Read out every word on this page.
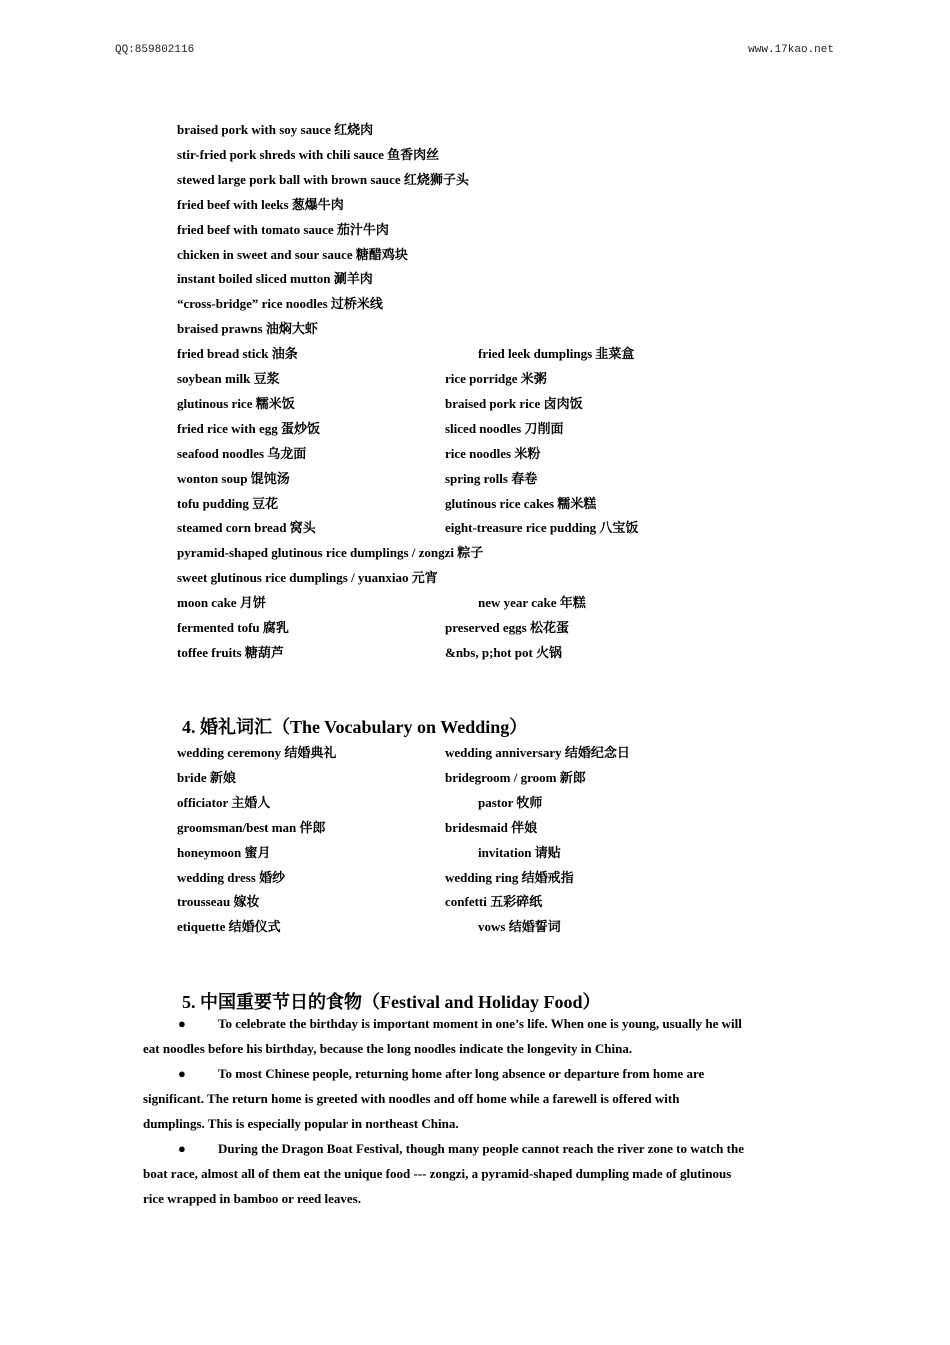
QQ:859802116	www.17kao.net
braised pork with soy sauce 红烧肉
stir-fried pork shreds with chili sauce 鱼香肉丝
stewed large pork ball with brown sauce 红烧狮子头
fried beef with leeks 葱爆牛肉
fried beef with tomato sauce 茄汁牛肉
chicken in sweet and sour sauce 糖醋鸡块
instant boiled sliced mutton 涮羊肉
“cross-bridge” rice noodles 过桥米线
braised prawns 油焖大虾
fried bread stick 油条	fried leek dumplings 韭菜盒
soybean milk 豆浆	rice porridge 米粥
glutinous rice 糯米饭	braised pork rice 卤肉饭
fried rice with egg 蛋炒饭	sliced noodles 刀削面
seafood noodles 乌龙面	rice noodles 米粉
wonton soup 馄饨汤	spring rolls 春卷
tofu pudding 豆花	glutinous rice cakes 糯米糕
steamed corn bread 窝头	eight-treasure rice pudding 八宝饭
pyramid-shaped glutinous rice dumplings / zongzi 粽子
sweet glutinous rice dumplings / yuanxiao 元宵
moon cake 月饼	new year cake 年糕
fermented tofu 腐乳	preserved eggs 松花蛋
toffee fruits 糖葫芦	&nbs, p;hot pot 火锅
4. 婚礼词汇（The Vocabulary on Wedding）
wedding ceremony 结婚典礼	wedding anniversary 结婚纪念日
bride 新娘	bridegroom / groom 新郎
officiator 主婚人	pastor 牧师
groomsman/best man 伴郎	bridesmaid 伴娘
honeymoon 蜜月	invitation 请贴
wedding dress 婚纱	wedding ring 结婚戒指
trousseau 嫁妆	confetti 五彩碎纸
etiquette 结婚仪式	vows 结婚誓词
5. 中国重要节日的食物（Festival and Holiday Food）
● To celebrate the birthday is important moment in one’s life. When one is young, usually he will
eat noodles before his birthday, because the long noodles indicate the longevity in China.
● To most Chinese people, returning home after long absence or departure from home are
significant. The return home is greeted with noodles and off home while a farewell is offered with
dumplings. This is especially popular in northeast China.
● During the Dragon Boat Festival, though many people cannot reach the river zone to watch the
boat race, almost all of them eat the unique food --- zongzi, a pyramid-shaped dumpling made of glutinous
rice wrapped in bamboo or reed leaves.
